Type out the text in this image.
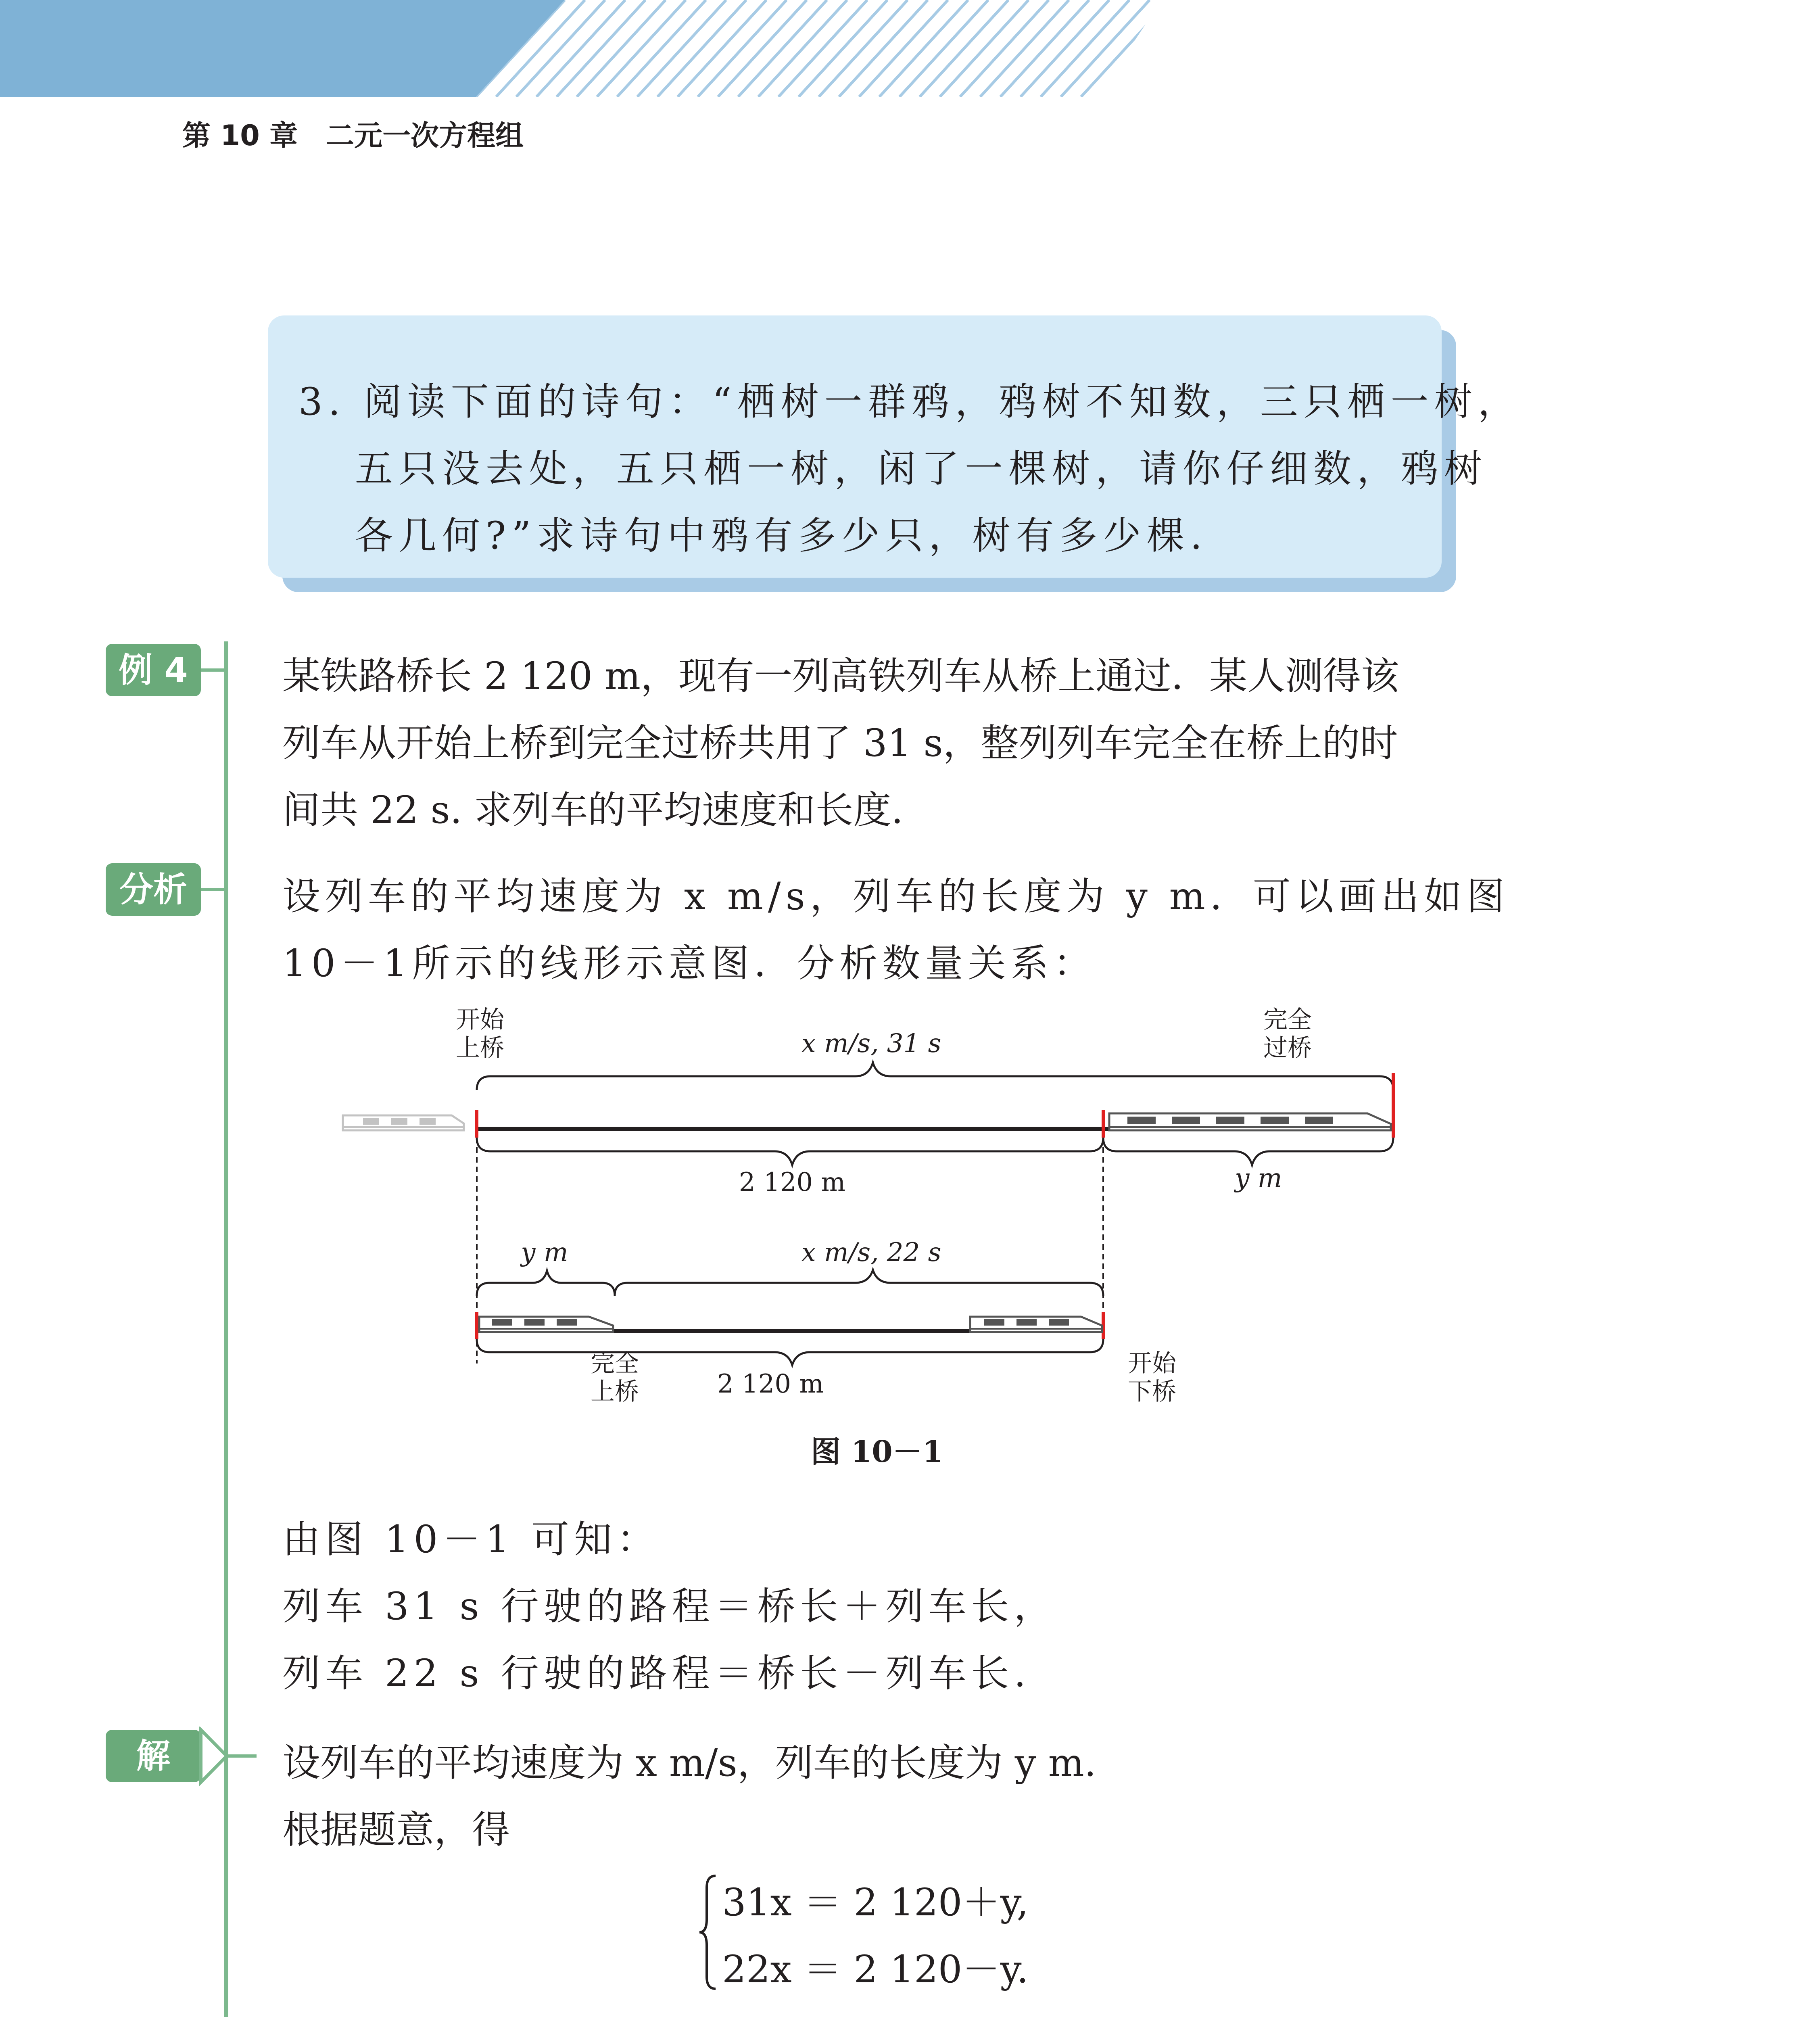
第 10 章　二元一次方程组
3. 阅读下面的诗句：“栖树一群鸦，鸦树不知数，三只栖一树，
五只没去处，五只栖一树，闲了一棵树，请你仔细数，鸦树
各几何?”求诗句中鸦有多少只，树有多少棵.
例 4	某铁路桥长 2 120 m，现有一列高铁列车从桥上通过．某人测得该
列车从开始上桥到完全过桥共用了 31 s，整列列车完全在桥上的时
间共 22 s. 求列车的平均速度和长度.
分析	设列车的平均速度为 x m/s，列车的长度为 y m．可以画出如图
10－1所示的线形示意图．分析数量关系：
开始
上桥
完全
过桥
x m/s, 31 s
2 120 m	y m
y m	x m/s, 22 s
2 120 m
完全
上桥
开始
下桥
图 10－1
由图 10－1 可知：
列车 31 s 行驶的路程＝桥长＋列车长，
列车 22 s 行驶的路程＝桥长－列车长.
解	设列车的平均速度为 x m/s，列车的长度为 y m.
根据题意，得
31x ＝ 2 120＋y,
22x ＝ 2 120－y.
